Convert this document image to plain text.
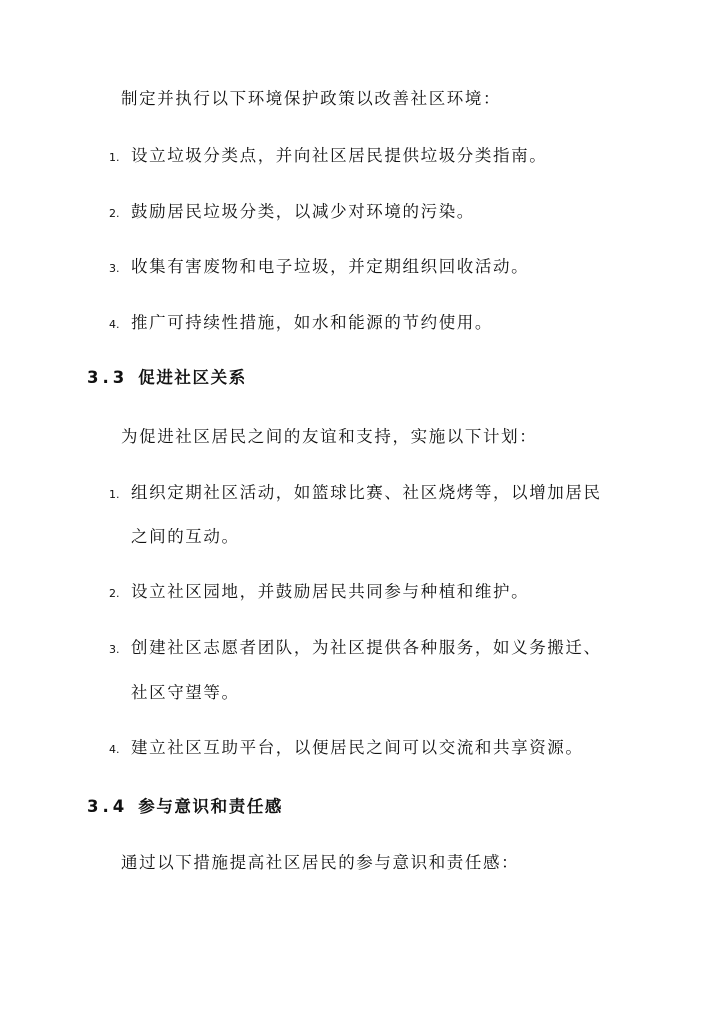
制定并执行以下环境保护政策以改善社区环境：
1. 设立垃圾分类点，并向社区居民提供垃圾分类指南。
2. 鼓励居民垃圾分类，以减少对环境的污染。
3. 收集有害废物和电子垃圾，并定期组织回收活动。
4. 推广可持续性措施，如水和能源的节约使用。
3.3 促进社区关系
为促进社区居民之间的友谊和支持，实施以下计划：
1. 组织定期社区活动，如篮球比赛、社区烧烤等，以增加居民
之间的互动。
2. 设立社区园地，并鼓励居民共同参与种植和维护。
3. 创建社区志愿者团队，为社区提供各种服务，如义务搬迁、
社区守望等。
4. 建立社区互助平台，以便居民之间可以交流和共享资源。
3.4 参与意识和责任感
通过以下措施提高社区居民的参与意识和责任感：
